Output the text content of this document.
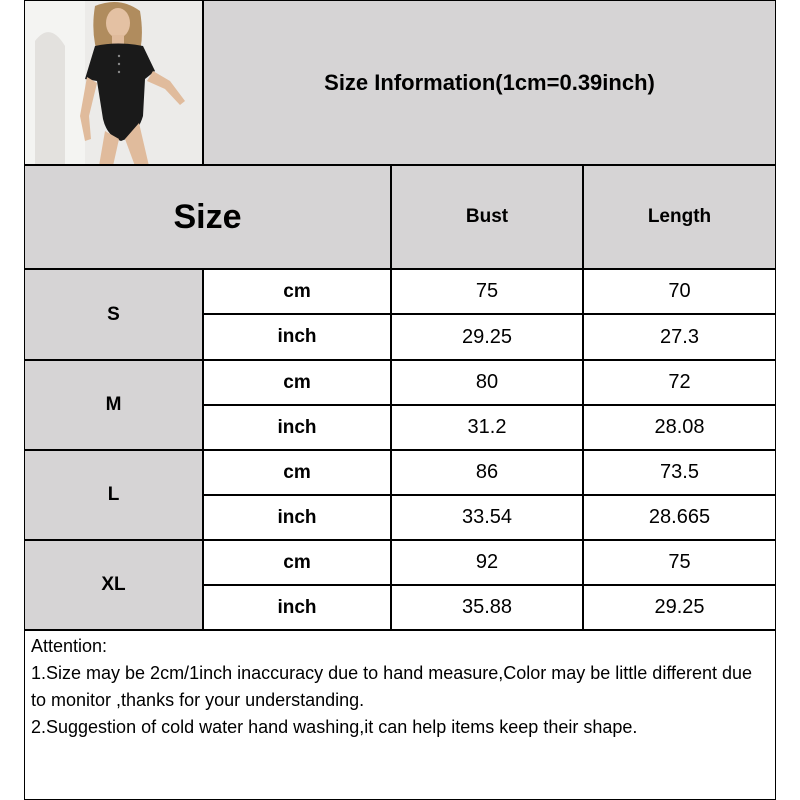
Size Information(1cm=0.39inch)
Size	Bust	Length
S
cm	75	70
inch	29.25	27.3
M
cm	80	72
inch	31.2	28.08
L
cm	86	73.5
inch	33.54	28.665
XL
cm	92	75
inch	35.88	29.25

Attention:

1.Size may be 2cm/1inch inaccuracy due to hand measure,Color may be little different due to monitor ,thanks for your understanding.

2.Suggestion of cold water hand washing,it can help items keep their shape.
